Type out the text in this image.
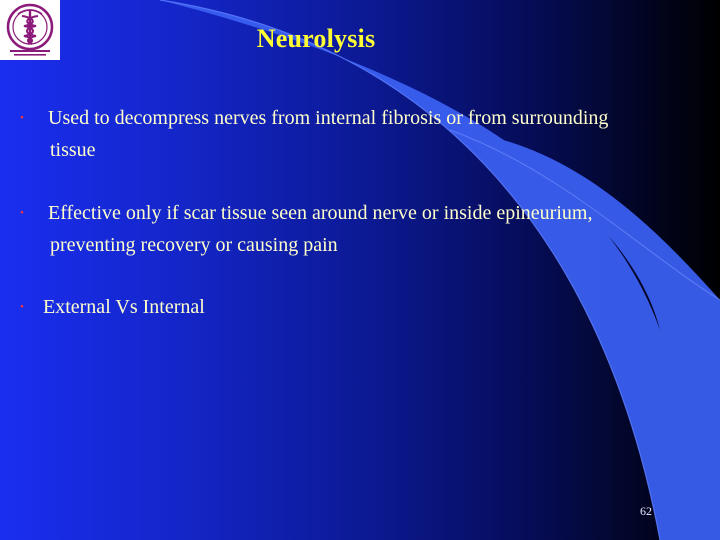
Neurolysis
• Used to decompress nerves from internal fibrosis or from surrounding
tissue
• Effective only if scar tissue seen around nerve or inside epineurium,
preventing recovery or causing pain
• External Vs Internal
62
